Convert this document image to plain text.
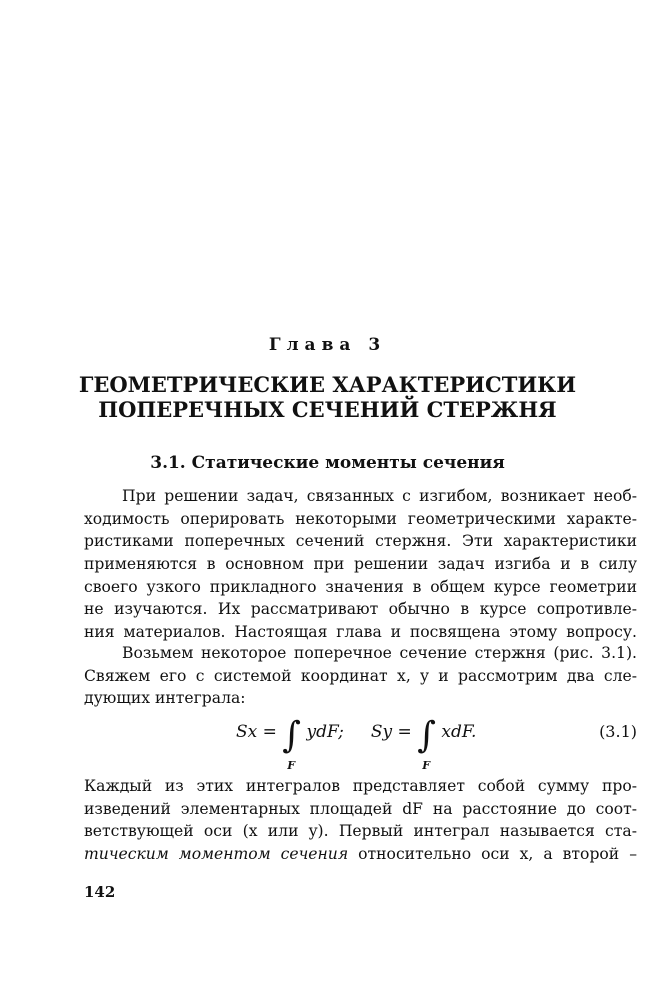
Глава 3
ГЕОМЕТРИЧЕСКИЕ ХАРАКТЕРИСТИКИ
ПОПЕРЕЧНЫХ СЕЧЕНИЙ СТЕРЖНЯ
3.1. Статические моменты сечения
При решении задач, связанных с изгибом, возникает необ-
ходимость оперировать некоторыми геометрическими характе-
ристиками поперечных сечений стержня. Эти характеристики
применяются в основном при решении задач изгиба и в силу
своего узкого прикладного значения в общем курсе геометрии
не изучаются. Их рассматривают обычно в курсе сопротивле-
ния материалов. Настоящая глава и посвящена этому вопросу.
Возьмем некоторое поперечное сечение стержня (рис. 3.1).
Свяжем его с системой координат x, y и рассмотрим два сле-
дующих интеграла:
Sx = ∫
F
ydF; Sy = ∫
F
xdF.	(3.1)
Каждый из этих интегралов представляет собой сумму про-
изведений элементарных площадей dF на расстояние до соот-
ветствующей оси (x или y). Первый интеграл называется ста-
тическим моментом сечения относительно оси x, а второй –
142
